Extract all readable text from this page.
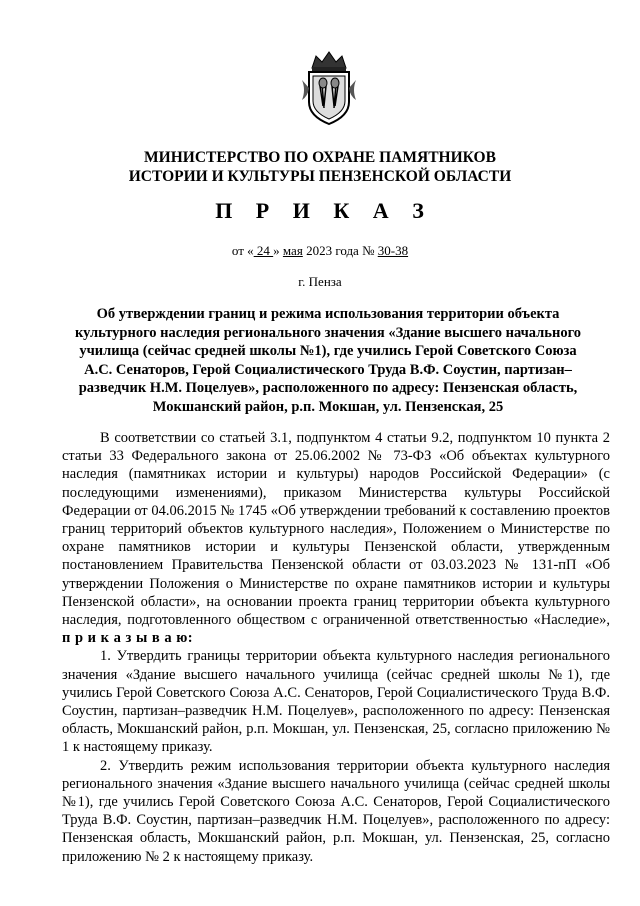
МИНИСТЕРСТВО ПО ОХРАНЕ ПАМЯТНИКОВ
ИСТОРИИ И КУЛЬТУРЫ ПЕНЗЕНСКОЙ ОБЛАСТИ
П Р И К А З
от « 24 » мая 2023 года № 30-38
г. Пенза
Об утверждении границ и режима использования территории объекта
культурного наследия регионального значения «Здание высшего начального
училища (сейчас средней школы №1), где учились Герой Советского Союза
А.С. Сенаторов, Герой Социалистического Труда В.Ф. Соустин, партизан–
разведчик Н.М. Поцелуев», расположенного по адресу: Пензенская область,
Мокшанский район, р.п. Мокшан, ул. Пензенская, 25

В соответствии со статьей 3.1, подпунктом 4 статьи 9.2, подпунктом 10 пункта 2 статьи 33 Федерального закона от 25.06.2002 № 73-ФЗ «Об объектах культурного наследия (памятниках истории и культуры) народов Российской Федерации» (с последующими изменениями), приказом Министерства культуры Российской Федерации от 04.06.2015 № 1745 «Об утверждении требований к составлению проектов границ территорий объектов культурного наследия», Положением о Министерстве по охране памятников истории и культуры Пензенской области, утвержденным постановлением Правительства Пензенской области от 03.03.2023 № 131-пП «Об утверждении Положения о Министерстве по охране памятников истории и культуры Пензенской области», на основании проекта границ территории объекта культурного наследия, подготовленного обществом с ограниченной ответственностью «Наследие», п р и к а з ы в а ю:

1. Утвердить границы территории объекта культурного наследия регионального значения «Здание высшего начального училища (сейчас средней школы №1), где учились Герой Советского Союза А.С. Сенаторов, Герой Социалистического Труда В.Ф. Соустин, партизан–разведчик Н.М. Поцелуев», расположенного по адресу: Пензенская область, Мокшанский район, р.п. Мокшан, ул. Пензенская, 25, согласно приложению № 1 к настоящему приказу.

2. Утвердить режим использования территории объекта культурного наследия регионального значения «Здание высшего начального училища (сейчас средней школы №1), где учились Герой Советского Союза А.С. Сенаторов, Герой Социалистического Труда В.Ф. Соустин, партизан–разведчик Н.М. Поцелуев», расположенного по адресу: Пензенская область, Мокшанский район, р.п. Мокшан, ул. Пензенская, 25, согласно приложению № 2 к настоящему приказу.
